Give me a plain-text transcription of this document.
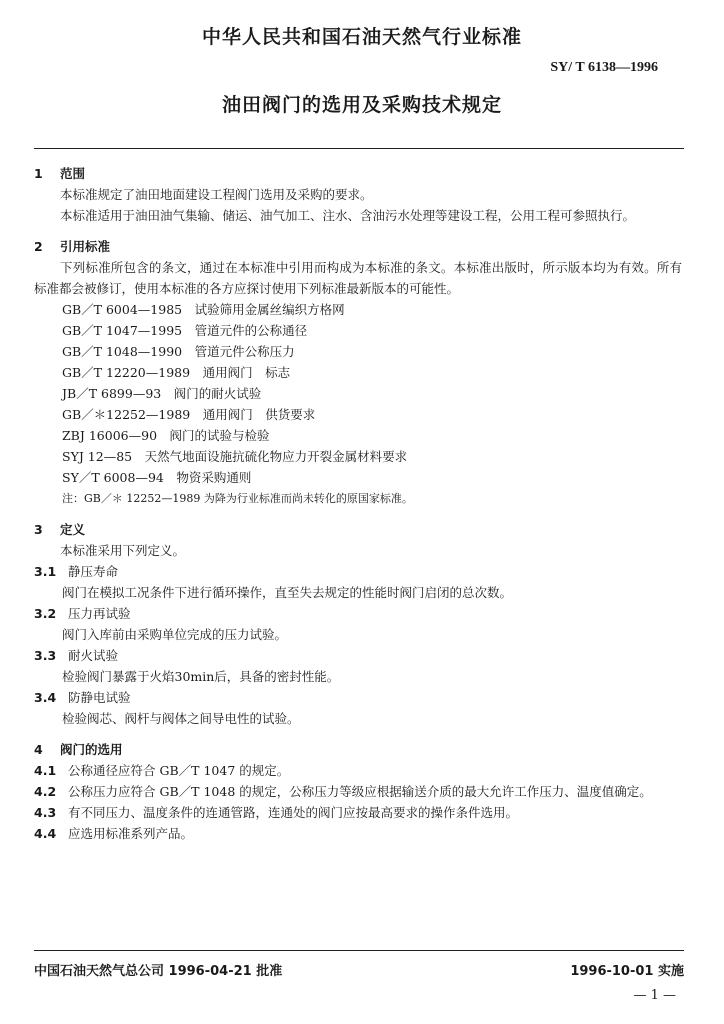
中华人民共和国石油天然气行业标准
SY/ T 6138—1996
油田阀门的选用及采购技术规定
1 范围
本标准规定了油田地面建设工程阀门选用及采购的要求。
本标准适用于油田油气集输、储运、油气加工、注水、含油污水处理等建设工程，公用工程可参照执行。
2 引用标准
下列标准所包含的条文，通过在本标准中引用而构成为本标准的条文。本标准出版时，所示版本均为有效。所有标准都会被修订，使用本标准的各方应探讨使用下列标准最新版本的可能性。
GB／T 6004—1985　 试验筛用金属丝编织方格网
GB／T 1047—1995　 管道元件的公称通径
GB／T 1048—1990　 管道元件公称压力
GB／T 12220—1989　 通用阀门　标志
JB／T 6899—93　 阀门的耐火试验
GB／＊12252—1989　 通用阀门　供货要求
ZBJ 16006—90　 阀门的试验与检验
SYJ 12—85　 天然气地面设施抗硫化物应力开裂金属材料要求
SY／T 6008—94　 物资采购通则
注：GB／＊ 12252—1989 为降为行业标准而尚未转化的原国家标准。
3 定义
本标准采用下列定义。
3.1 静压寿命
阀门在模拟工况条件下进行循环操作，直至失去规定的性能时阀门启闭的总次数。
3.2 压力再试验
阀门入库前由采购单位完成的压力试验。
3.3 耐火试验
检验阀门暴露于火焰30min后，具备的密封性能。
3.4 防静电试验
检验阀芯、阀杆与阀体之间导电性的试验。
4 阀门的选用
4.1 公称通径应符合 GB／T 1047 的规定。
4.2 公称压力应符合 GB／T 1048 的规定，公称压力等级应根据输送介质的最大允许工作压力、温度值确定。
4.3 有不同压力、温度条件的连通管路，连通处的阀门应按最高要求的操作条件选用。
4.4 应选用标准系列产品。
中国石油天然气总公司 1996-04-21 批准	1996-10-01 实施
— 1 —
